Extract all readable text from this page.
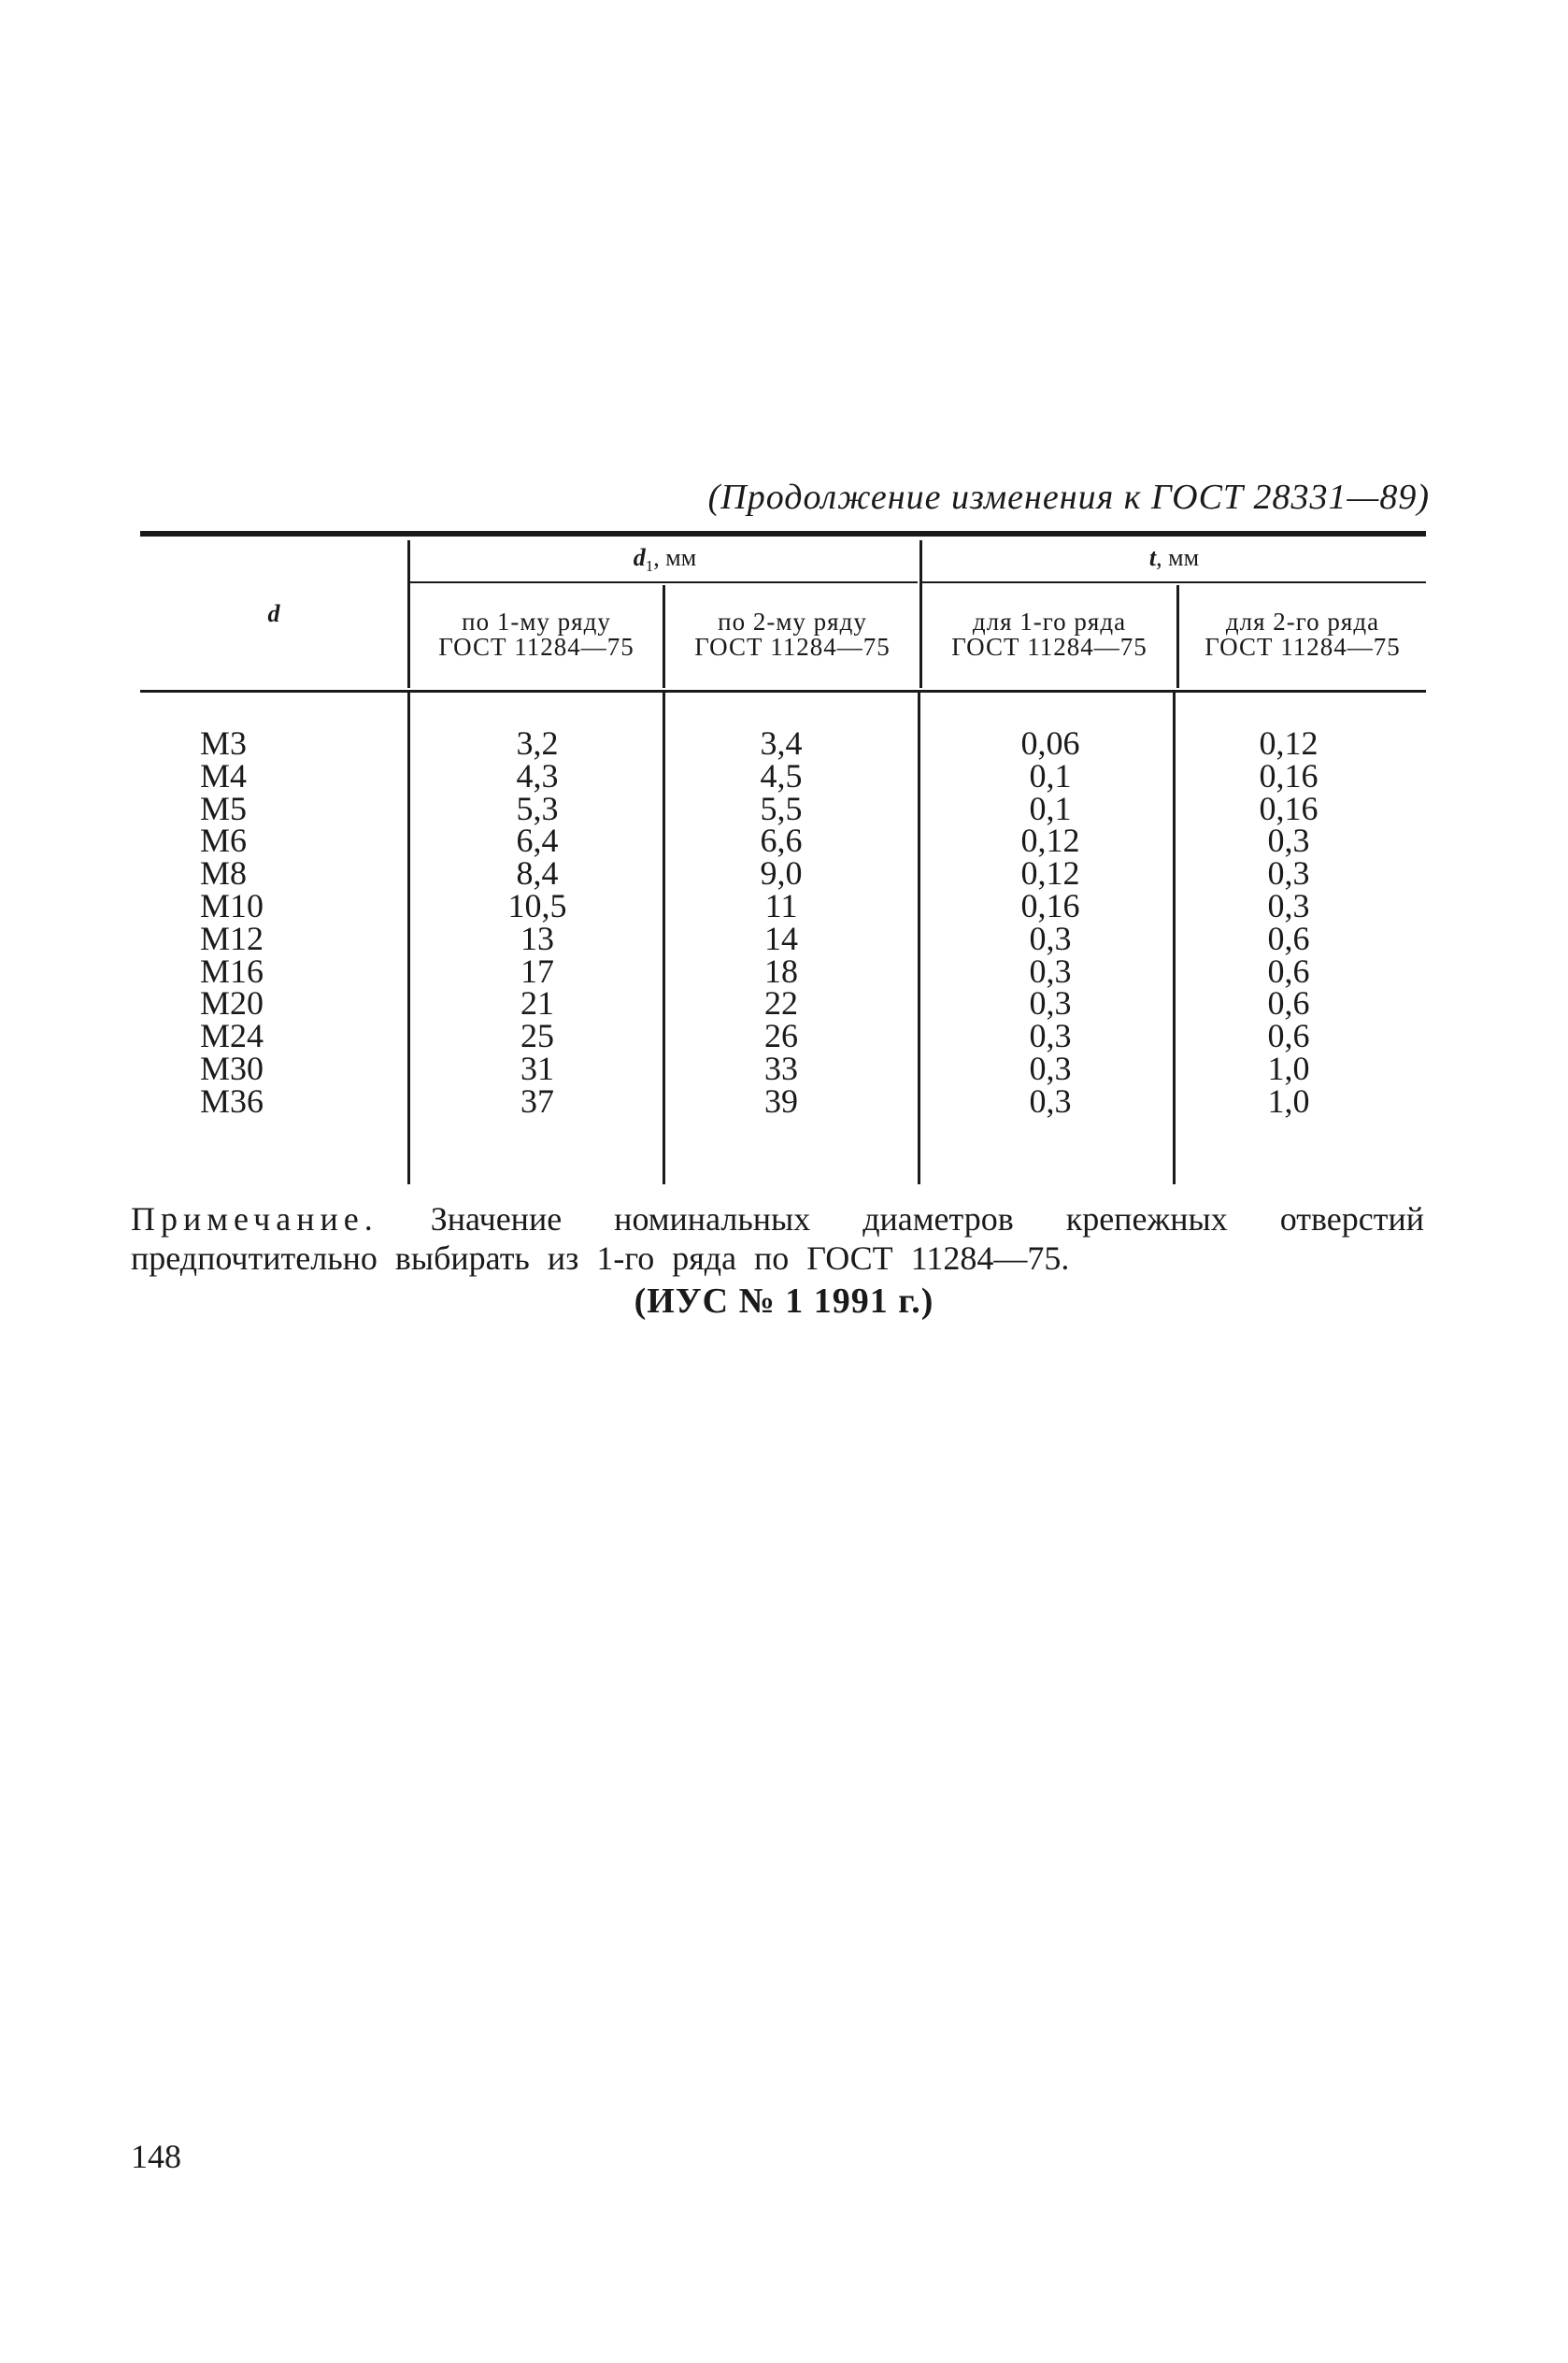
(Продолжение изменения к ГОСТ 28331—89)
d
$d_1$, мм	t, мм
по 1-му ряду
ГОСТ 11284—75
по 2-му ряду
ГОСТ 11284—75
для 1-го ряда
ГОСТ 11284—75
для 2-го ряда
ГОСТ 11284—75
M3
M4
M5
M6
M8
M10
M12
M16
M20
M24
M30
M36
3,2
4,3
5,3
6,4
8,4
10,5
13
17
21
25
31
37
3,4
4,5
5,5
6,6
9,0
11
14
18
22
26
33
39
0,06
0,1
0,1
0,12
0,12
0,16
0,3
0,3
0,3
0,3
0,3
0,3
0,12
0,16
0,16
0,3
0,3
0,3
0,6
0,6
0,6
0,6
1,0
1,0
Примечание. Значение номинальных диаметров крепежных отверстий предпочтительно выбирать из 1-го ряда по ГОСТ 11284—75.
(ИУС № 1 1991 г.)
148
